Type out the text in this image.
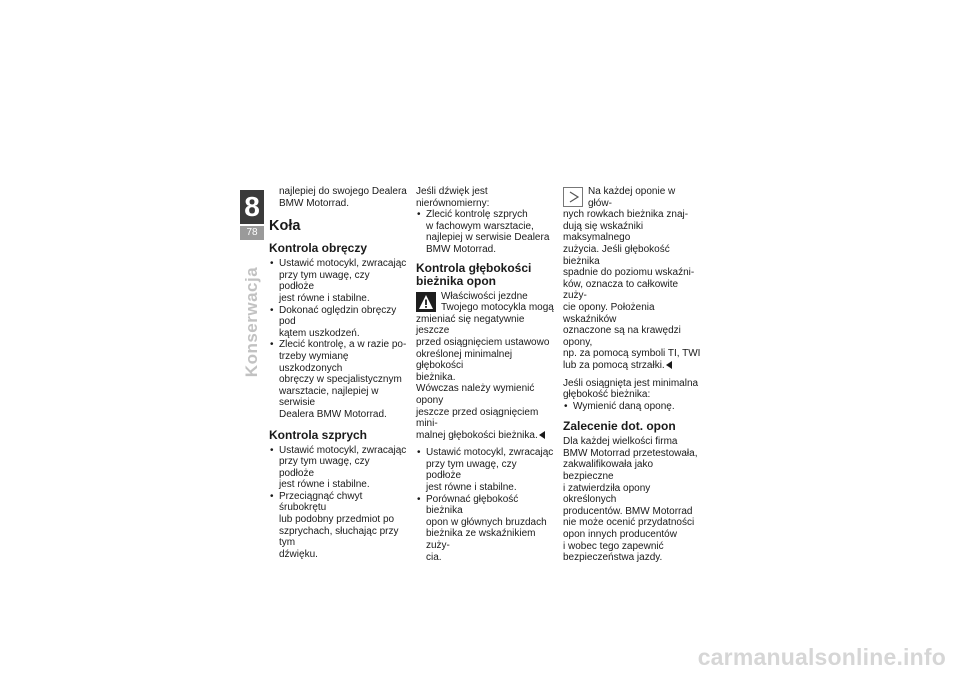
8
78
Konserwacja

najlepiej do swojego Dealera
BMW Motorrad.

Koła
Kontrola obręczy
• Ustawić motocykl, zwracając
przy tym uwagę, czy podłoże
jest równe i stabilne.
• Dokonać oględzin obręczy pod
kątem uszkodzeń.
• Zlecić kontrolę, a w razie po-
trzeby wymianę uszkodzonych
obręczy w specjalistycznym
warsztacie, najlepiej w serwisie
Dealera BMW Motorrad.
Kontrola szprych
• Ustawić motocykl, zwracając
przy tym uwagę, czy podłoże
jest równe i stabilne.
• Przeciągnąć chwyt śrubokrętu
lub podobny przedmiot po
szprychach, słuchając przy tym
dźwięku.

Jeśli dźwięk jest nierównomierny:

• Zlecić kontrolę szprych

w fachowym warsztacie,
najlepiej w serwisie Dealera
BMW Motorrad.

Kontrola głębokości
bieżnika opon
Właściwości jezdne
Twojego motocykla mogą
zmieniać się negatywnie jeszcze
przed osiągnięciem ustawowo
określonej minimalnej głębokości
bieżnika.
Wówczas należy wymienić opony
jeszcze przed osiągnięciem mini-
malnej głębokości bieżnika.
• Ustawić motocykl, zwracając
przy tym uwagę, czy podłoże
jest równe i stabilne.
• Porównać głębokość bieżnika
opon w głównych bruzdach
bieżnika ze wskaźnikiem zuży-
cia.
Na każdej oponie w głów-
nych rowkach bieżnika znaj-
dują się wskaźniki maksymalnego
zużycia. Jeśli głębokość bieżnika
spadnie do poziomu wskaźni-
ków, oznacza to całkowite zuży-
cie opony. Położenia wskaźników
oznaczone są na krawędzi opony,
np. za pomocą symboli TI, TWI
lub za pomocą strzałki.

Jeśli osiągnięta jest minimalna
głębokość bieżnika:

• Wymienić daną oponę.
Zalecenie dot. opon

Dla każdej wielkości firma
BMW Motorrad przetestowała,
zakwalifikowała jako bezpieczne
i zatwierdziła opony określonych
producentów. BMW Motorrad
nie może ocenić przydatności
opon innych producentów
i wobec tego zapewnić
bezpieczeństwa jazdy.

carmanualsonline.info
